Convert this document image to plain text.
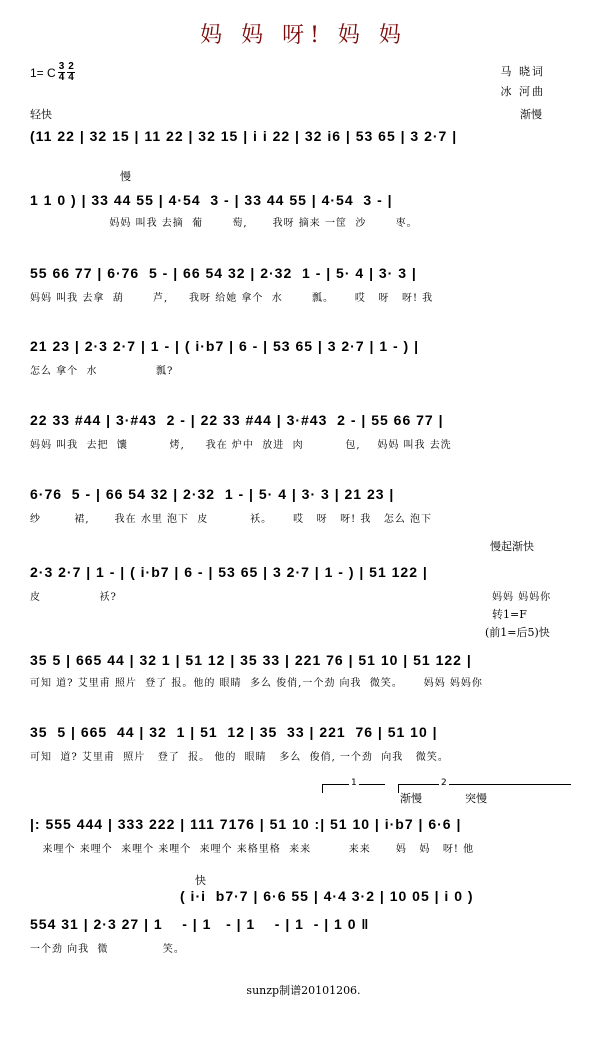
妈 妈 呀! 妈 妈
1= C $\frac{3}{4} \frac{2}{4}$	马 晓词
冰 河曲
轻快	渐慢
(11 22 | 32 15 | 11 22 | 32 15 | i i 22 | 32 i6 | 53 65 | 3 2·7 |
慢
1 1 0 ) | 33 44 55 | 4·54  3 - | 33 44 55 | 4·54  3 - |
妈妈 叫我 去摘  葡       萄,      我呀 摘来 一筐  沙       枣。
55 66 77 | 6·76  5 - | 66 54 32 | 2·32  1 - | 5· 4 | 3· 3 |
妈妈 叫我 去拿  葫       芦,     我呀 给她 拿个  水       瓢。     哎   呀   呀! 我
21 23 | 2·3 2·7 | 1 - | ( i·b7 | 6 - | 53 65 | 3 2·7 | 1 - ) |
怎么 拿个  水              瓢?
22 33 #44 | 3·#43  2 - | 22 33 #44 | 3·#43  2 - | 55 66 77 |
妈妈 叫我  去把  馕          烤,     我在 炉中  放进  肉          包,    妈妈 叫我 去洗
6·76  5 - | 66 54 32 | 2·32  1 - | 5· 4 | 3· 3 | 21 23 |
纱        裙,      我在 水里 泡下  皮          袄。     哎   呀   呀! 我   怎么 泡下
慢起渐快
2·3 2·7 | 1 - | ( i·b7 | 6 - | 53 65 | 3 2·7 | 1 - ) | 51 122 |
皮              袄?	妈妈 妈妈你
转1=F
(前1=后5)快
35 5 | 665 44 | 32 1 | 51 12 | 35 33 | 221 76 | 51 10 | 51 122 |
可知 道? 艾里甫 照片  登了 报。他的 眼睛  多么 俊俏,一个劲 向我  微笑。     妈妈 妈妈你
35  5 | 665  44 | 32  1 | 51  12 | 35  33 | 221  76 | 51 10 |
可知  道? 艾里甫  照片   登了  报。 他的  眼睛   多么  俊俏, 一个劲  向我   微笑。
1	2
渐慢	突慢
|: 555 444 | 333 222 | 111 7176 | 51 10 :| 51 10 | i·b7 | 6·6 |
来哩个 来哩个  来哩个 来哩个  来哩个 来格里格  来来         来来      妈   妈   呀! 他
快
( i·i  b7·7 | 6·6 55 | 4·4 3·2 | 10 05 | i 0 )
554 31 | 2·3 27 | 1    - | 1   - | 1    - | 1  - | 1 0 ‖
一个劲 向我  微             笑。
sunzp制谱20101206.
